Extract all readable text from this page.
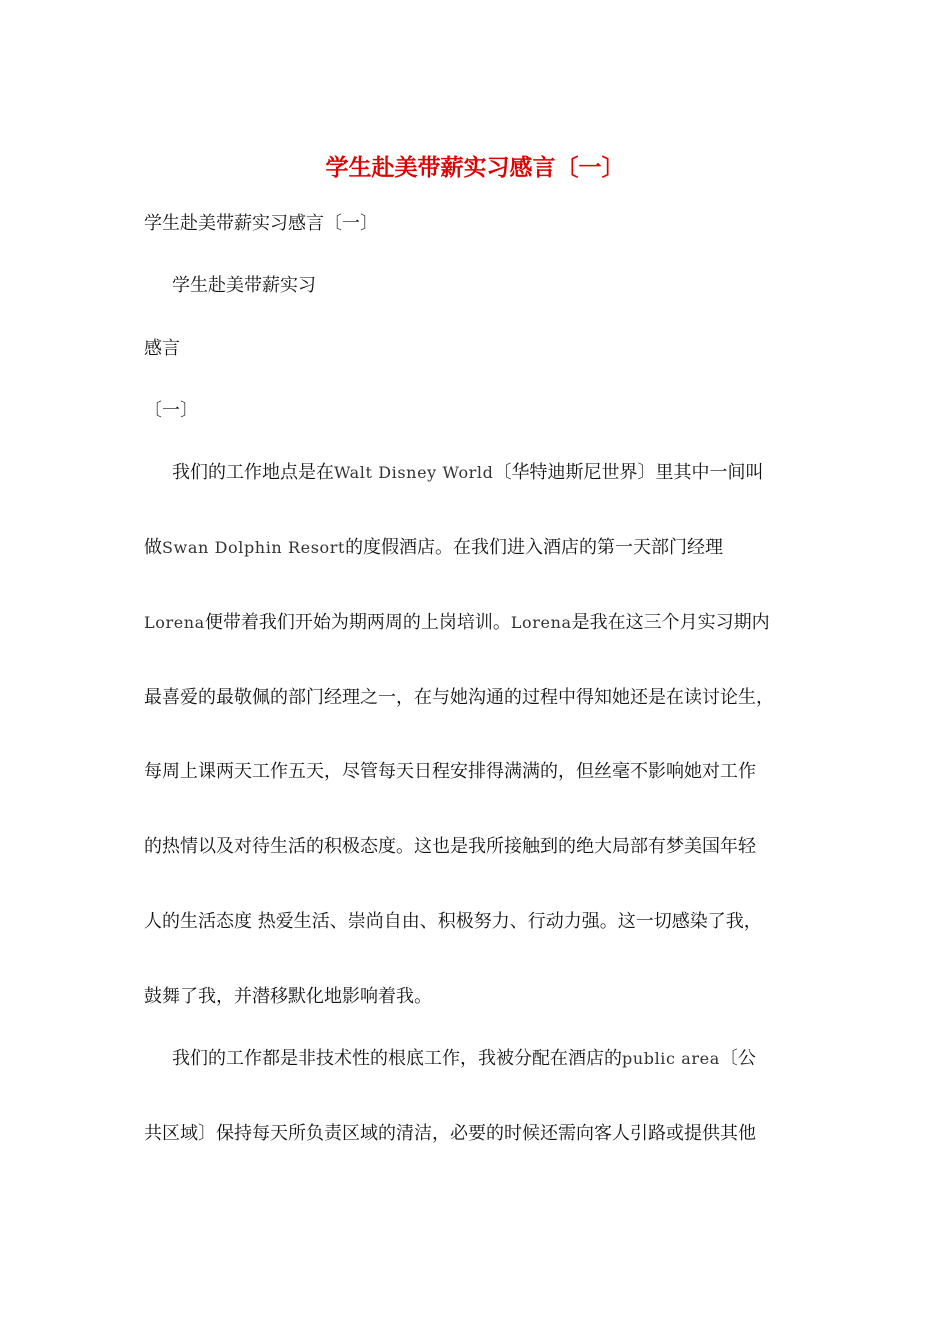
学生赴美带薪实习感言〔一〕
学生赴美带薪实习感言〔一〕
学生赴美带薪实习
感言
〔一〕
我们的工作地点是在Walt Disney World〔华特迪斯尼世界〕里其中一间叫
做Swan Dolphin Resort的度假酒店。在我们进入酒店的第一天部门经理
Lorena便带着我们开始为期两周的上岗培训。Lorena是我在这三个月实习期内
最喜爱的最敬佩的部门经理之一，在与她沟通的过程中得知她还是在读讨论生，
每周上课两天工作五天，尽管每天日程安排得满满的，但丝毫不影响她对工作
的热情以及对待生活的积极态度。这也是我所接触到的绝大局部有梦美国年轻
人的生活态度 热爱生活、崇尚自由、积极努力、行动力强。这一切感染了我，
鼓舞了我，并潜移默化地影响着我。
我们的工作都是非技术性的根底工作，我被分配在酒店的public area〔公
共区域〕保持每天所负责区域的清洁，必要的时候还需向客人引路或提供其他
